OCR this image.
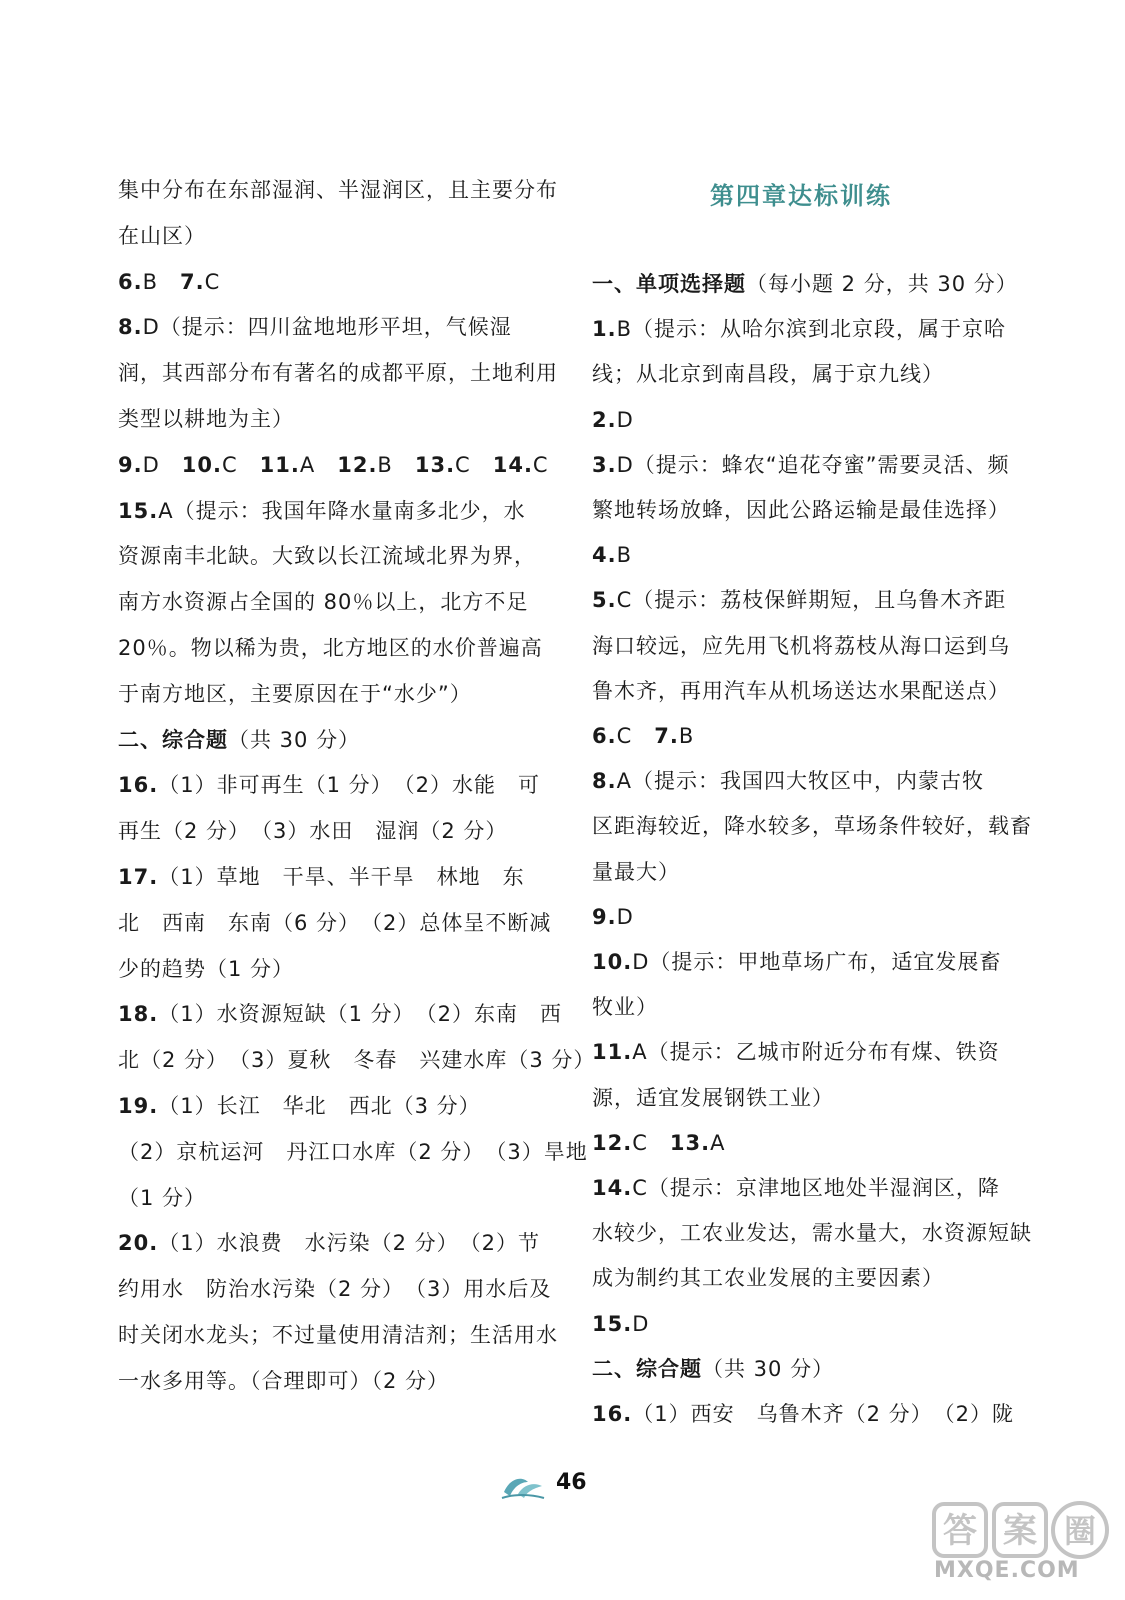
集中分布在东部湿润、半湿润区，且主要分布
在山区）
6.B　7.C
8.D（提示：四川盆地地形平坦，气候湿
润，其西部分布有著名的成都平原，土地利用
类型以耕地为主）
9.D　10.C　11.A　12.B　13.C　14.C
15.A（提示：我国年降水量南多北少，水
资源南丰北缺。大致以长江流域北界为界，
南方水资源占全国的 80％以上，北方不足
20％。物以稀为贵，北方地区的水价普遍高
于南方地区，主要原因在于“水少”）
二、综合题（共 30 分）
16.（1）非可再生（1 分）　（2）水能　可
再生（2 分）　（3）水田　湿润（2 分）
17.（1）草地　干旱、半干旱　林地　东
北　西南　东南（6 分）　（2）总体呈不断减
少的趋势（1 分）
18.（1）水资源短缺（1 分）　（2）东南　西
北（2 分）　（3）夏秋　冬春　兴建水库（3 分）
19.（1）长江　华北　西北（3 分）
（2）京杭运河　丹江口水库（2 分）　（3）旱地
（1 分）
20.（1）水浪费　水污染（2 分）　（2）节
约用水　防治水污染（2 分）　（3）用水后及
时关闭水龙头；不过量使用清洁剂；生活用水
一水多用等。（合理即可）（2 分）
第四章达标训练
一、单项选择题（每小题 2 分，共 30 分）
1.B（提示：从哈尔滨到北京段，属于京哈
线；从北京到南昌段，属于京九线）
2.D
3.D（提示：蜂农“追花夺蜜”需要灵活、频
繁地转场放蜂，因此公路运输是最佳选择）
4.B
5.C（提示：荔枝保鲜期短，且乌鲁木齐距
海口较远，应先用飞机将荔枝从海口运到乌
鲁木齐，再用汽车从机场送达水果配送点）
6.C　7.B
8.A（提示：我国四大牧区中，内蒙古牧
区距海较近，降水较多，草场条件较好，载畜
量最大）
9.D
10.D（提示：甲地草场广布，适宜发展畜
牧业）
11.A（提示：乙城市附近分布有煤、铁资
源，适宜发展钢铁工业）
12.C　13.A
14.C（提示：京津地区地处半湿润区，降
水较少，工农业发达，需水量大，水资源短缺
成为制约其工农业发展的主要因素）
15.D
二、综合题（共 30 分）
16.（1）西安　乌鲁木齐（2 分）　（2）陇
46
答 案 圈
MXQE.COM
